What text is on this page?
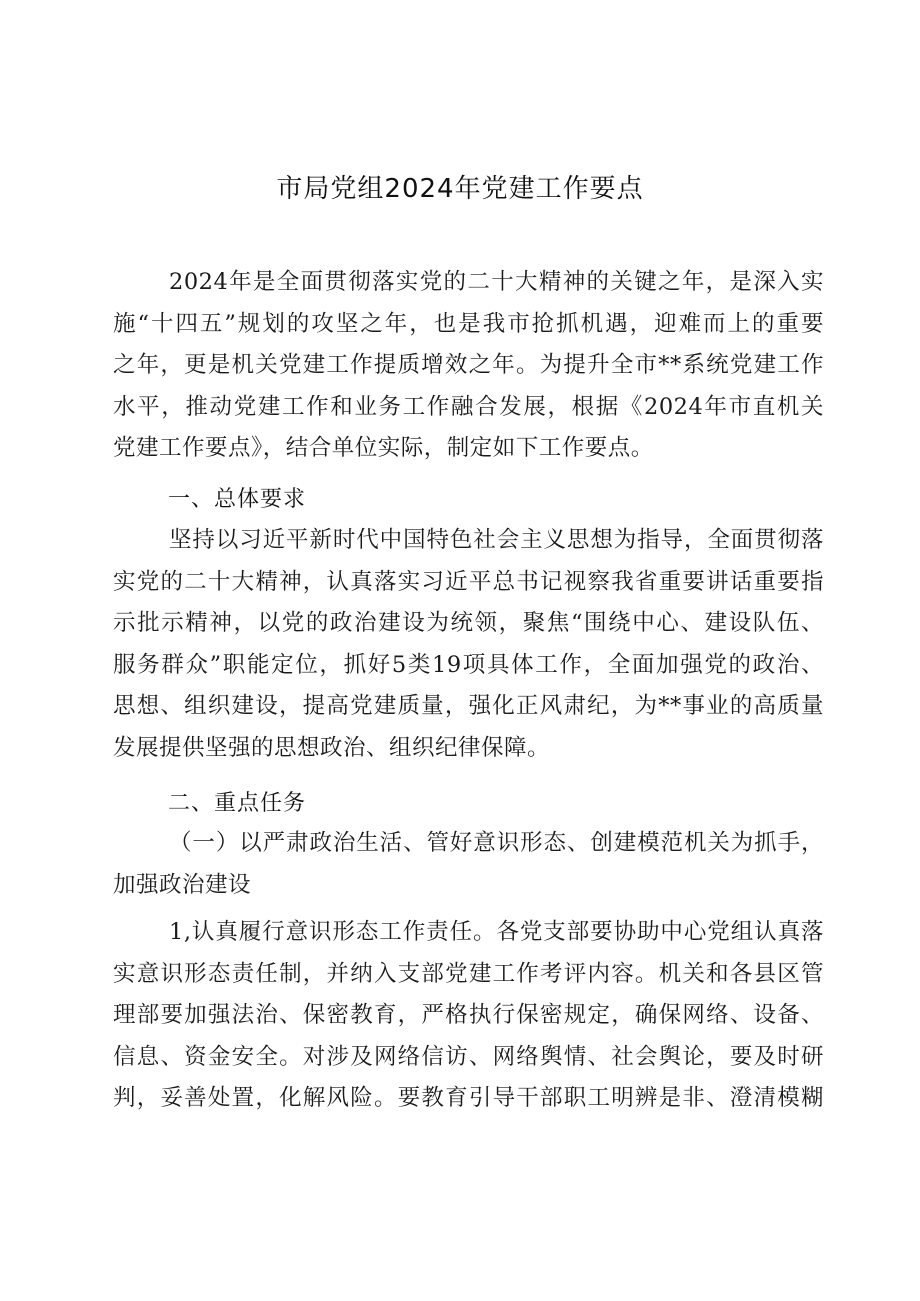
市局党组2024年党建工作要点
2024年是全面贯彻落实党的二十大精神的关键之年，是深入实
施“十四五”规划的攻坚之年，也是我市抢抓机遇，迎难而上的重要
之年，更是机关党建工作提质增效之年。为提升全市**系统党建工作
水平，推动党建工作和业务工作融合发展，根据《2024年市直机关
党建工作要点》，结合单位实际，制定如下工作要点。
一、总体要求
坚持以习近平新时代中国特色社会主义思想为指导，全面贯彻落
实党的二十大精神，认真落实习近平总书记视察我省重要讲话重要指
示批示精神，以党的政治建设为统领，聚焦“围绕中心、建设队伍、
服务群众”职能定位，抓好5类19项具体工作，全面加强党的政治、
思想、组织建设，提高党建质量，强化正风肃纪，为**事业的高质量
发展提供坚强的思想政治、组织纪律保障。
二、重点任务
（一）以严肃政治生活、管好意识形态、创建模范机关为抓手，
加强政治建设
1,认真履行意识形态工作责任。各党支部要协助中心党组认真落
实意识形态责任制，并纳入支部党建工作考评内容。机关和各县区管
理部要加强法治、保密教育，严格执行保密规定，确保网络、设备、
信息、资金安全。对涉及网络信访、网络舆情、社会舆论，要及时研
判，妥善处置，化解风险。要教育引导干部职工明辨是非、澄清模糊
